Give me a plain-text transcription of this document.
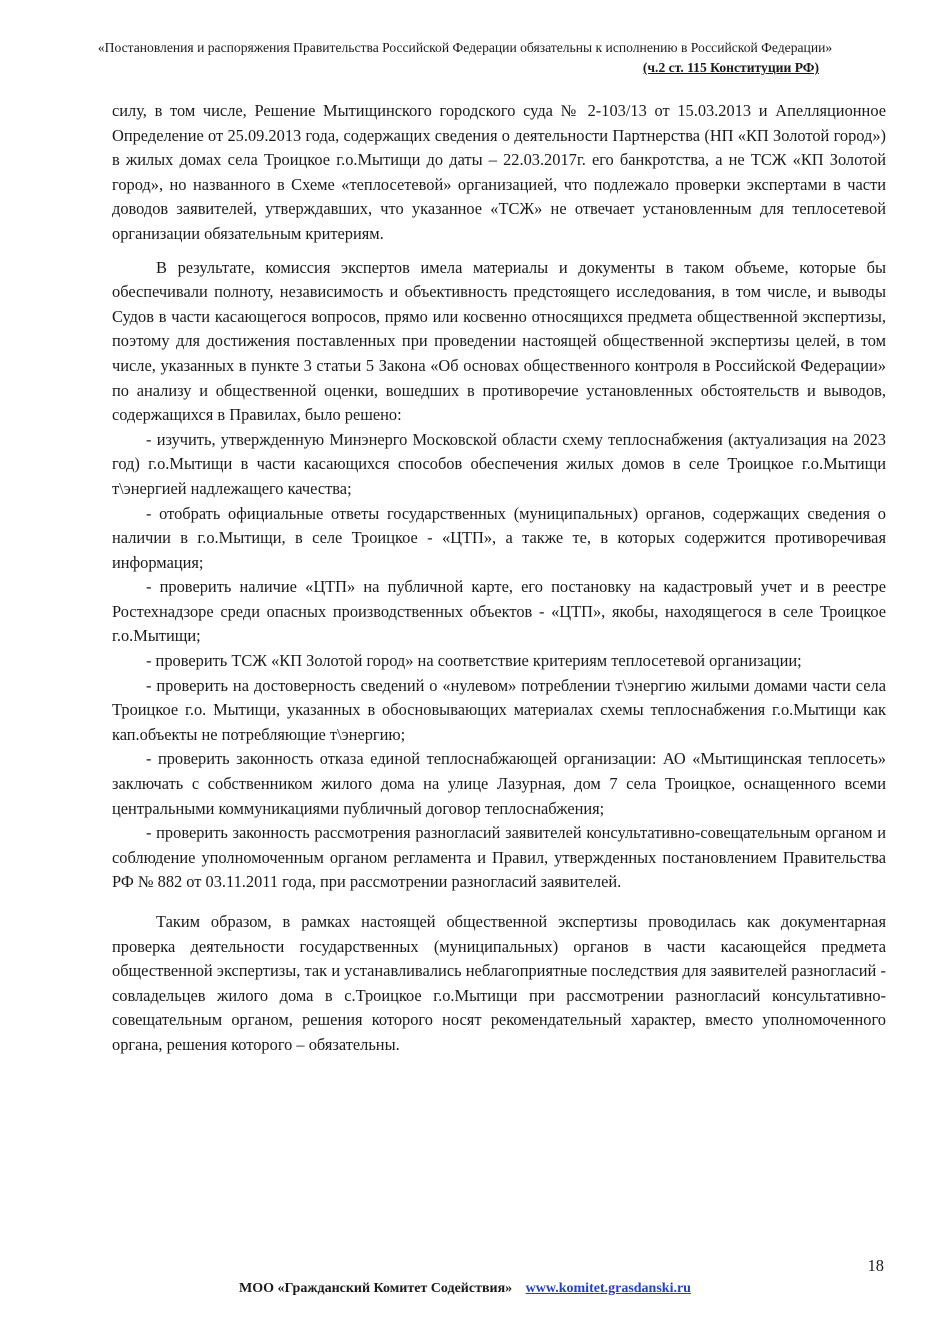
«Постановления и распоряжения Правительства Российской Федерации обязательны к исполнению в Российской Федерации»
(ч.2 ст. 115 Конституции РФ)

силу, в том числе, Решение Мытищинского городского суда № 2-103/13 от 15.03.2013 и Апелляционное Определение от 25.09.2013 года, содержащих сведения о деятельности Партнерства (НП «КП Золотой город») в жилых домах села Троицкое г.о.Мытищи до даты – 22.03.2017г. его банкротства, а не ТСЖ «КП Золотой город», но названного в Схеме «теплосетевой» организацией, что подлежало проверки экспертами в части доводов заявителей, утверждавших, что указанное «ТСЖ» не отвечает установленным для теплосетевой организации обязательным критериям.

В результате, комиссия экспертов имела материалы и документы в таком объеме, которые бы обеспечивали полноту, независимость и объективность предстоящего исследования, в том числе, и выводы Судов в части касающегося вопросов, прямо или косвенно относящихся предмета общественной экспертизы, поэтому для достижения поставленных при проведении настоящей общественной экспертизы целей, в том числе, указанных в пункте 3 статьи 5 Закона «Об основах общественного контроля в Российской Федерации» по анализу и общественной оценки, вошедших в противоречие установленных обстоятельств и выводов, содержащихся в Правилах, было решено:

- изучить, утвержденную Минэнерго Московской области схему теплоснабжения (актуализация на 2023 год) г.о.Мытищи в части касающихся способов обеспечения жилых домов в селе Троицкое г.о.Мытищи т\энергией надлежащего качества;

- отобрать официальные ответы государственных (муниципальных) органов, содержащих сведения о наличии в г.о.Мытищи, в селе Троицкое - «ЦТП», а также те, в которых содержится противоречивая информация;

- проверить наличие «ЦТП» на публичной карте, его постановку на кадастровый учет и в реестре Ростехнадзоре среди опасных производственных объектов - «ЦТП», якобы, находящегося в селе Троицкое г.о.Мытищи;

- проверить ТСЖ «КП Золотой город» на соответствие критериям теплосетевой организации;

- проверить на достоверность сведений о «нулевом» потреблении т\энергию жилыми домами части села Троицкое г.о. Мытищи, указанных в обосновывающих материалах схемы теплоснабжения г.о.Мытищи как кап.объекты не потребляющие т\энергию;

- проверить законность отказа единой теплоснабжающей организации: АО «Мытищинская теплосеть» заключать с собственником жилого дома на улице Лазурная, дом 7 села Троицкое, оснащенного всеми центральными коммуникациями публичный договор теплоснабжения;

- проверить законность рассмотрения разногласий заявителей консультативно-совещательным органом и соблюдение уполномоченным органом регламента и Правил, утвержденных постановлением Правительства РФ № 882 от 03.11.2011 года, при рассмотрении разногласий заявителей.

Таким образом, в рамках настоящей общественной экспертизы проводилась как документарная проверка деятельности государственных (муниципальных) органов в части касающейся предмета общественной экспертизы, так и устанавливались неблагоприятные последствия для заявителей разногласий - совладельцев жилого дома в с.Троицкое г.о.Мытищи при рассмотрении разногласий консультативно-совещательным органом, решения которого носят рекомендательный характер, вместо уполномоченного органа, решения которого – обязательны.

18
МОО «Гражданский Комитет Содействия» www.komitet.grasdanski.ru
